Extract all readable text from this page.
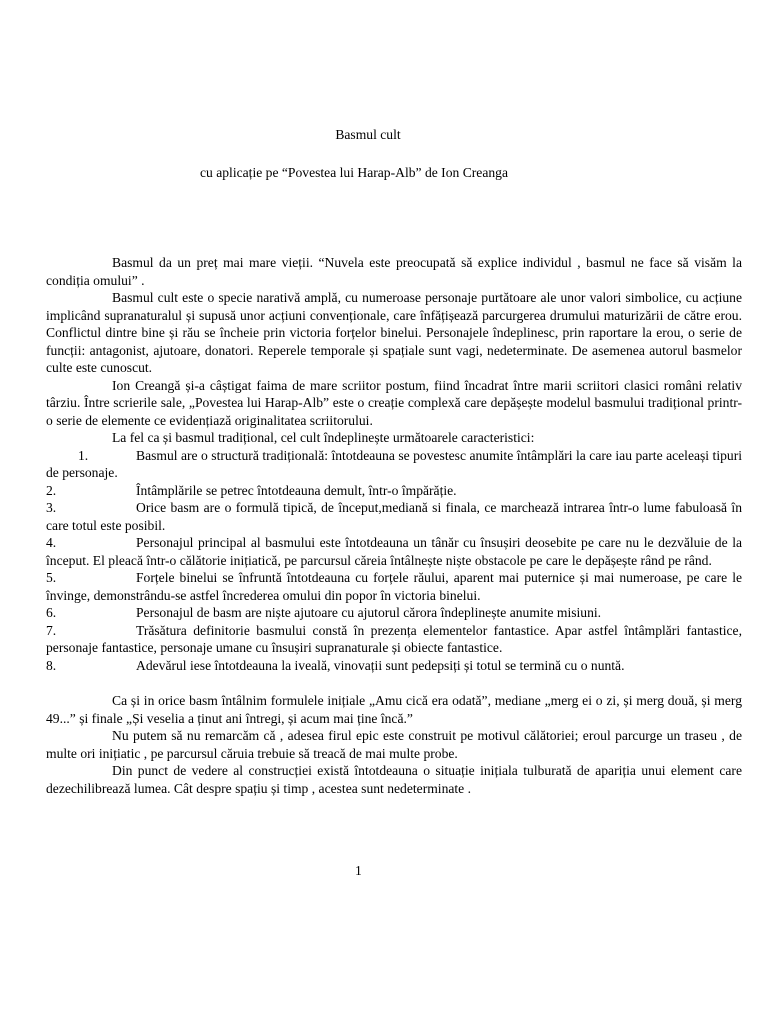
Basmul cult
cu aplicație pe “Povestea lui Harap-Alb” de Ion Creanga

Basmul da un preț mai mare vieții. “Nuvela este preocupată să explice individul , basmul ne face să visăm la condiția omului” .

Basmul cult este o specie narativă amplă, cu numeroase personaje purtătoare ale unor valori simbolice, cu acțiune implicând supranaturalul și supusă unor acțiuni convenționale, care înfățișează parcurgerea drumului maturizării de către erou. Conflictul dintre bine și rău se încheie prin victoria forțelor binelui. Personajele îndeplinesc, prin raportare la erou, o serie de funcții: antagonist, ajutoare, donatori. Reperele temporale și spațiale sunt vagi, nedeterminate. De asemenea autorul basmelor culte este cunoscut.

Ion Creangă și-a câștigat faima de mare scriitor postum, fiind încadrat între marii scriitori clasici români relativ târziu. Între scrierile sale, „Povestea lui Harap-Alb” este o creație complexă care depășește modelul basmului tradițional printr-o serie de elemente ce evidențiază originalitatea scriitorului.

La fel ca și basmul tradițional, cel cult îndeplinește următoarele caracteristici:

1.	Basmul are o structură tradițională: întotdeauna se povestesc anumite întâmplări la care iau parte aceleași tipuri de personaje.

2.	Întâmplările se petrec întotdeauna demult, într-o împărăție.

3.	Orice basm are o formulă tipică, de început,mediană si finala, ce marchează intrarea într-o lume fabuloasă în care totul este posibil.

4.	Personajul principal al basmului este întotdeauna un tânăr cu însușiri deosebite pe care nu le dezvăluie de la început. El pleacă într-o călătorie inițiatică, pe parcursul căreia întâlnește niște obstacole pe care le depășește rând pe rând.

5.	Forțele binelui se înfruntă întotdeauna cu forțele răului, aparent mai puternice și mai numeroase, pe care le învinge, demonstrându-se astfel încrederea omului din popor în victoria binelui.

6.	Personajul de basm are niște ajutoare cu ajutorul cărora îndeplinește anumite misiuni.

7.	Trăsătura definitorie basmului constă în prezența elementelor fantastice. Apar astfel întâmplări fantastice, personaje fantastice, personaje umane cu însușiri supranaturale și obiecte fantastice.

8.	Adevărul iese întotdeauna la iveală, vinovații sunt pedepsiți și totul se termină cu o nuntă.

Ca și in orice basm întâlnim formulele inițiale „Amu cică era odată”, mediane „merg ei o zi, și merg două, și merg 49...” și finale „Și veselia a ținut ani întregi, și acum mai ține încă.”

Nu putem să nu remarcăm că , adesea firul epic este construit pe motivul călătoriei; eroul parcurge un traseu , de multe ori inițiatic , pe parcursul căruia trebuie să treacă de mai multe probe.

Din punct de vedere al construcției există întotdeauna o situație inițiala tulburată de apariția unui element care dezechilibrează lumea. Cât despre spațiu și timp , acestea sunt nedeterminate .

1
